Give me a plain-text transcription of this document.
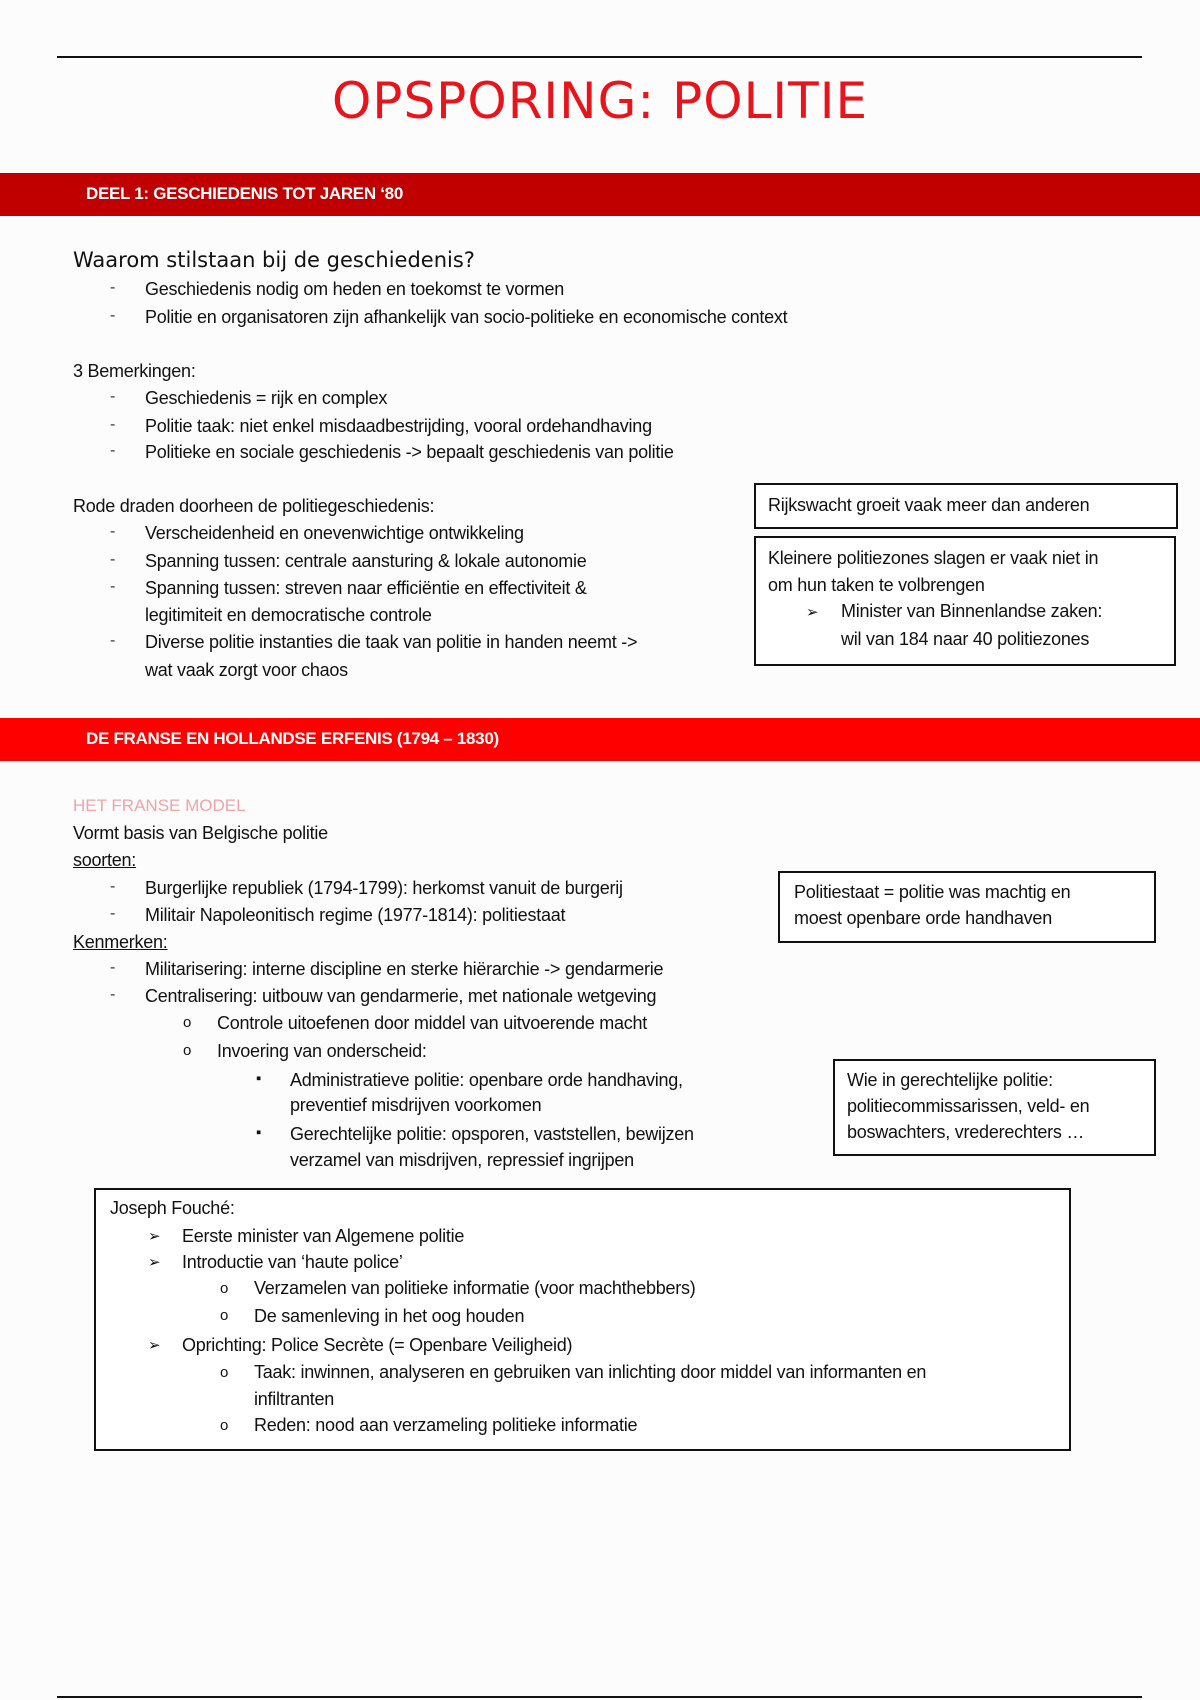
OPSPORING: POLITIE
DEEL 1: GESCHIEDENIS TOT JAREN ‘80
Waarom stilstaan bij de geschiedenis?
- Geschiedenis nodig om heden en toekomst te vormen
- Politie en organisatoren zijn afhankelijk van socio-politieke en economische context
3 Bemerkingen:
- Geschiedenis = rijk en complex
- Politie taak: niet enkel misdaadbestrijding, vooral ordehandhaving
- Politieke en sociale geschiedenis -> bepaalt geschiedenis van politie
Rode draden doorheen de politiegeschiedenis:
- Verscheidenheid en onevenwichtige ontwikkeling
- Spanning tussen: centrale aansturing & lokale autonomie
- Spanning tussen: streven naar efficiëntie en effectiviteit &
legitimiteit en democratische controle
- Diverse politie instanties die taak van politie in handen neemt ->
wat vaak zorgt voor chaos
Rijkswacht groeit vaak meer dan anderen
Kleinere politiezones slagen er vaak niet in
om hun taken te volbrengen
➢ Minister van Binnenlandse zaken:
wil van 184 naar 40 politiezones
DE FRANSE EN HOLLANDSE ERFENIS (1794 – 1830)
HET FRANSE MODEL
Vormt basis van Belgische politie
soorten:
- Burgerlijke republiek (1794-1799): herkomst vanuit de burgerij
- Militair Napoleonitisch regime (1977-1814): politiestaat
Kenmerken:
- Militarisering: interne discipline en sterke hiërarchie -> gendarmerie
- Centralisering: uitbouw van gendarmerie, met nationale wetgeving
o Controle uitoefenen door middel van uitvoerende macht
o Invoering van onderscheid:
▪ Administratieve politie: openbare orde handhaving,
preventief misdrijven voorkomen
▪ Gerechtelijke politie: opsporen, vaststellen, bewijzen
verzamel van misdrijven, repressief ingrijpen
Politiestaat = politie was machtig en
moest openbare orde handhaven
Wie in gerechtelijke politie:
politiecommissarissen, veld- en
boswachters, vrederechters …
Joseph Fouché:
➢ Eerste minister van Algemene politie
➢ Introductie van ‘haute police’
o Verzamelen van politieke informatie (voor machthebbers)
o De samenleving in het oog houden
➢ Oprichting: Police Secrète (= Openbare Veiligheid)
o Taak: inwinnen, analyseren en gebruiken van inlichting door middel van informanten en
infiltranten
o Reden: nood aan verzameling politieke informatie
